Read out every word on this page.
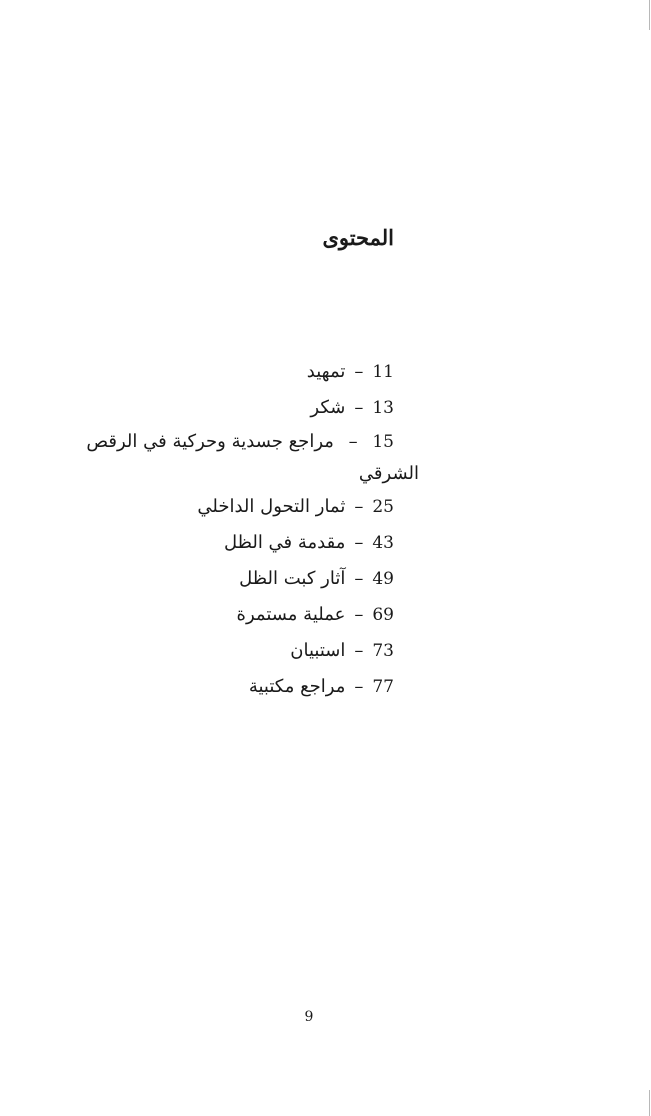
المحتوى
11
–
تمهيد
13
–
شكر
15 – مراجع جسدية وحركية في الرقص
الشرقي
25
–
ثمار التحول الداخلي
43
–
مقدمة في الظل
49
–
آثار كبت الظل
69
–
عملية مستمرة
73
–
استبيان
77
–
مراجع مكتبية
9
